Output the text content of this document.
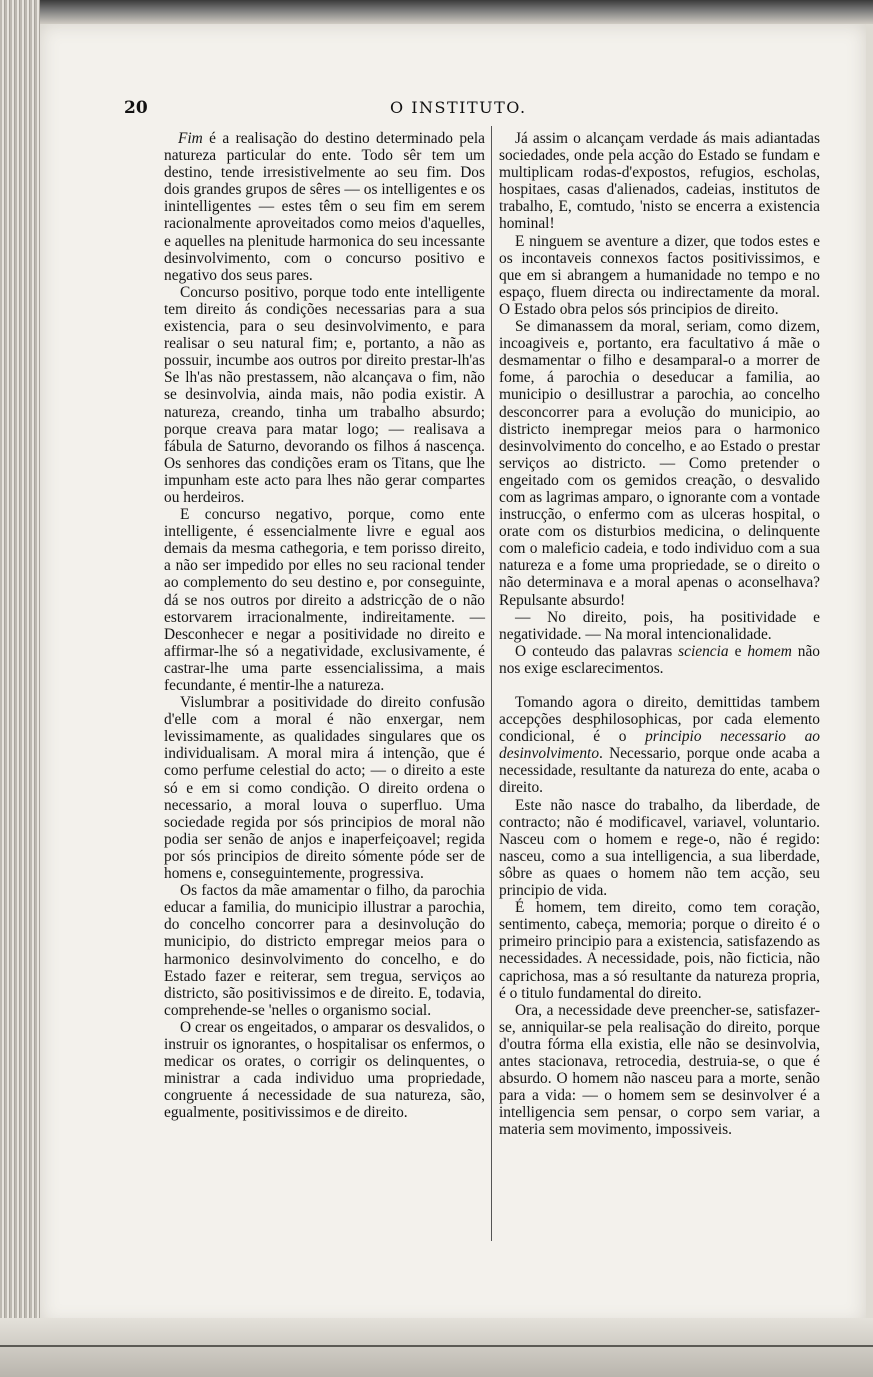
20	O INSTITUTO.

Fim é a realisação do destino determinado pela natureza particular do ente. Todo sêr tem um destino, tende irresistivelmente ao seu fim. Dos dois grandes grupos de sêres — os intelligentes e os inintelligentes — estes têm o seu fim em serem racionalmente aproveitados como meios d'aquelles, e aquelles na plenitude harmonica do seu incessante desinvolvimento, com o concurso positivo e negativo dos seus pares.

Concurso positivo, porque todo ente intelligente tem direito ás condições necessarias para a sua existencia, para o seu desinvolvimento, e para realisar o seu natural fim; e, portanto, a não as possuir, incumbe aos outros por direito prestar-lh'as Se lh'as não prestassem, não alcançava o fim, não se desinvolvia, ainda mais, não podia existir. A natureza, creando, tinha um trabalho absurdo; porque creava para matar logo; — realisava a fábula de Saturno, devorando os filhos á nascença. Os senhores das condições eram os Titans, que lhe impunham este acto para lhes não gerar compartes ou herdeiros.

E concurso negativo, porque, como ente intelligente, é essencialmente livre e egual aos demais da mesma cathegoria, e tem porisso direito, a não ser impedido por elles no seu racional tender ao complemento do seu destino e, por conseguinte, dá se nos outros por direito a adstricção de o não estorvarem irracionalmente, indireitamente. — Desconhecer e negar a positividade no direito e affirmar-lhe só a negatividade, exclusivamente, é castrar-lhe uma parte essencialissima, a mais fecundante, é mentir-lhe a natureza.

Vislumbrar a positividade do direito confusão d'elle com a moral é não enxergar, nem levissimamente, as qualidades singulares que os individualisam. A moral mira á intenção, que é como perfume celestial do acto; — o direito a este só e em si como condição. O direito ordena o necessario, a moral louva o superfluo. Uma sociedade regida por sós principios de moral não podia ser senão de anjos e inaperfeiçoavel; regida por sós principios de direito sómente póde ser de homens e, conseguintemente, progressiva.

Os factos da mãe amamentar o filho, da parochia educar a familia, do municipio illustrar a parochia, do concelho concorrer para a desinvolução do municipio, do districto empregar meios para o harmonico desinvolvimento do concelho, e do Estado fazer e reiterar, sem tregua, serviços ao districto, são positivissimos e de direito. E, todavia, comprehende-se 'nelles o organismo social.

O crear os engeitados, o amparar os desvalidos, o instruir os ignorantes, o hospitalisar os enfermos, o medicar os orates, o corrigir os delinquentes, o ministrar a cada individuo uma propriedade, congruente á necessidade de sua natureza, são, egualmente, positivissimos e de direito.

Já assim o alcançam verdade ás mais adiantadas sociedades, onde pela acção do Estado se fundam e multiplicam rodas-d'expostos, refugios, escholas, hospitaes, casas d'alienados, cadeias, institutos de trabalho, E, comtudo, 'nisto se encerra a existencia hominal!

E ninguem se aventure a dizer, que todos estes e os incontaveis connexos factos positivissimos, e que em si abrangem a humanidade no tempo e no espaço, fluem directa ou indirectamente da moral. O Estado obra pelos sós principios de direito.

Se dimanassem da moral, seriam, como dizem, incoagiveis e, portanto, era facultativo á mãe o desmamentar o filho e desamparal-o a morrer de fome, á parochia o deseducar a familia, ao municipio o desillustrar a parochia, ao concelho desconcorrer para a evolução do municipio, ao districto inempregar meios para o harmonico desinvolvimento do concelho, e ao Estado o prestar serviços ao districto. — Como pretender o engeitado com os gemidos creação, o desvalido com as lagrimas amparo, o ignorante com a vontade instrucção, o enfermo com as ulceras hospital, o orate com os disturbios medicina, o delinquente com o maleficio cadeia, e todo individuo com a sua natureza e a fome uma propriedade, se o direito o não determinava e a moral apenas o aconselhava? Repulsante absurdo!

— No direito, pois, ha positividade e negatividade. — Na moral intencionalidade.

O conteudo das palavras sciencia e homem não nos exige esclarecimentos.

Tomando agora o direito, demittidas tambem accepções desphilosophicas, por cada elemento condicional, é o principio necessario ao desinvolvimento. Necessario, porque onde acaba a necessidade, resultante da natureza do ente, acaba o direito.

Este não nasce do trabalho, da liberdade, de contracto; não é modificavel, variavel, voluntario. Nasceu com o homem e rege-o, não é regido: nasceu, como a sua intelligencia, a sua liberdade, sôbre as quaes o homem não tem acção, seu principio de vida.

É homem, tem direito, como tem coração, sentimento, cabeça, memoria; porque o direito é o primeiro principio para a existencia, satisfazendo as necessidades. A necessidade, pois, não ficticia, não caprichosa, mas a só resultante da natureza propria, é o titulo fundamental do direito.

Ora, a necessidade deve preencher-se, satisfazer-se, anniquilar-se pela realisação do direito, porque d'outra fórma ella existia, elle não se desinvolvia, antes stacionava, retrocedia, destruia-se, o que é absurdo. O homem não nasceu para a morte, senão para a vida: — o homem sem se desinvolver é a intelligencia sem pensar, o corpo sem variar, a materia sem movimento, impossiveis.
